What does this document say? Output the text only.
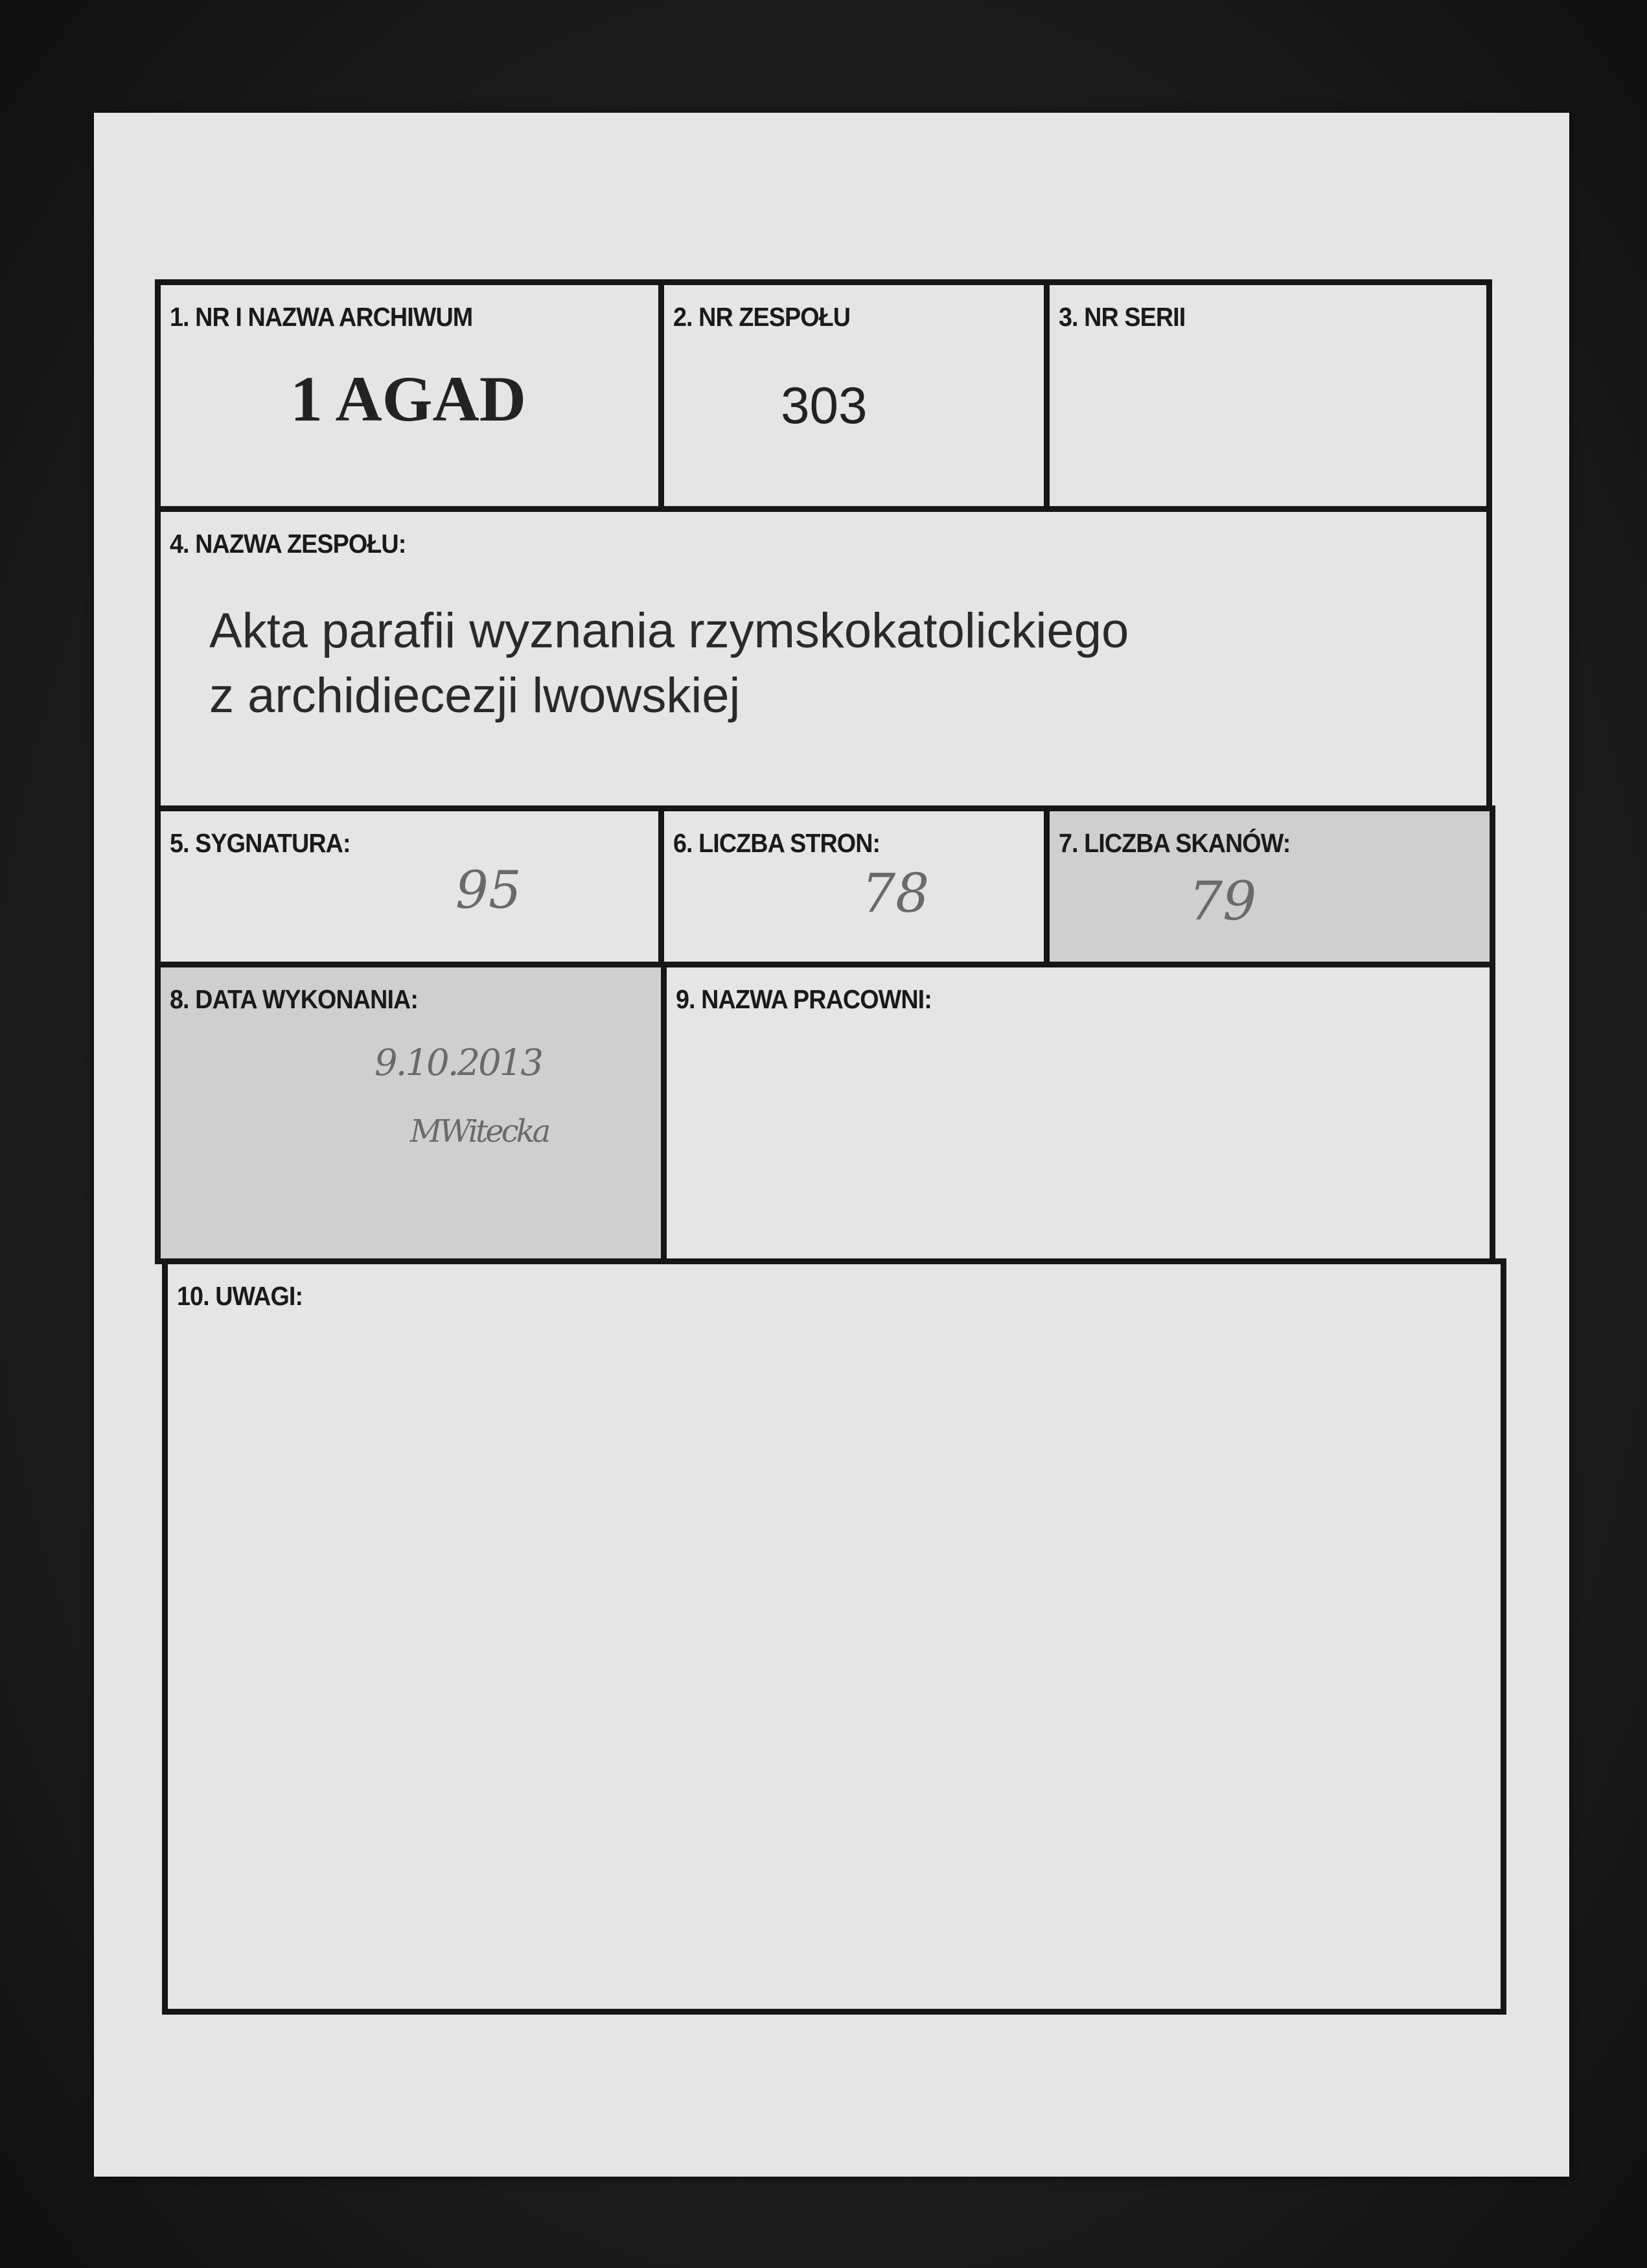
1. NR I NAZWA ARCHIWUM
1 AGAD
2. NR ZESPOŁU
303
3. NR SERII
4. NAZWA ZESPOŁU:
Akta parafii wyznania rzymskokatolickiego
z archidiecezji lwowskiej
5. SYGNATURA:
95
6. LICZBA STRON:
78
7. LICZBA SKANÓW:
79
8. DATA WYKONANIA:
9.10.2013
MWitecka
9. NAZWA PRACOWNI:
10. UWAGI:
